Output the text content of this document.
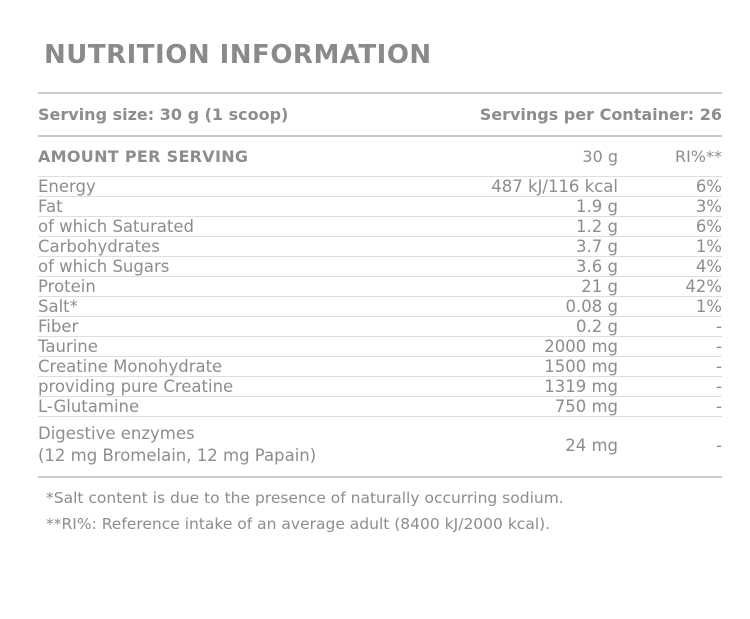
NUTRITION INFORMATION
Serving size: 30 g (1 scoop)	Servings per Container: 26	
AMOUNT PER SERVING	30 g	RI%**
Energy	487 kJ/116 kcal	6%
Fat	1.9 g	3%
of which Saturated	1.2 g	6%
Carbohydrates	3.7 g	1%
of which Sugars	3.6 g	4%
Protein	21 g	42%
Salt*	0.08 g	1%
Fiber	0.2 g	-
Taurine	2000 mg	-
Creatine Monohydrate	1500 mg	-
providing pure Creatine	1319 mg	-
L-Glutamine	750 mg	-

Digestive enzymes
(12 mg Bromelain, 12 mg Papain)	24 mg	-
*Salt content is due to the presence of naturally occurring sodium.
**RI%: Reference intake of an average adult (8400 kJ/2000 kcal).
